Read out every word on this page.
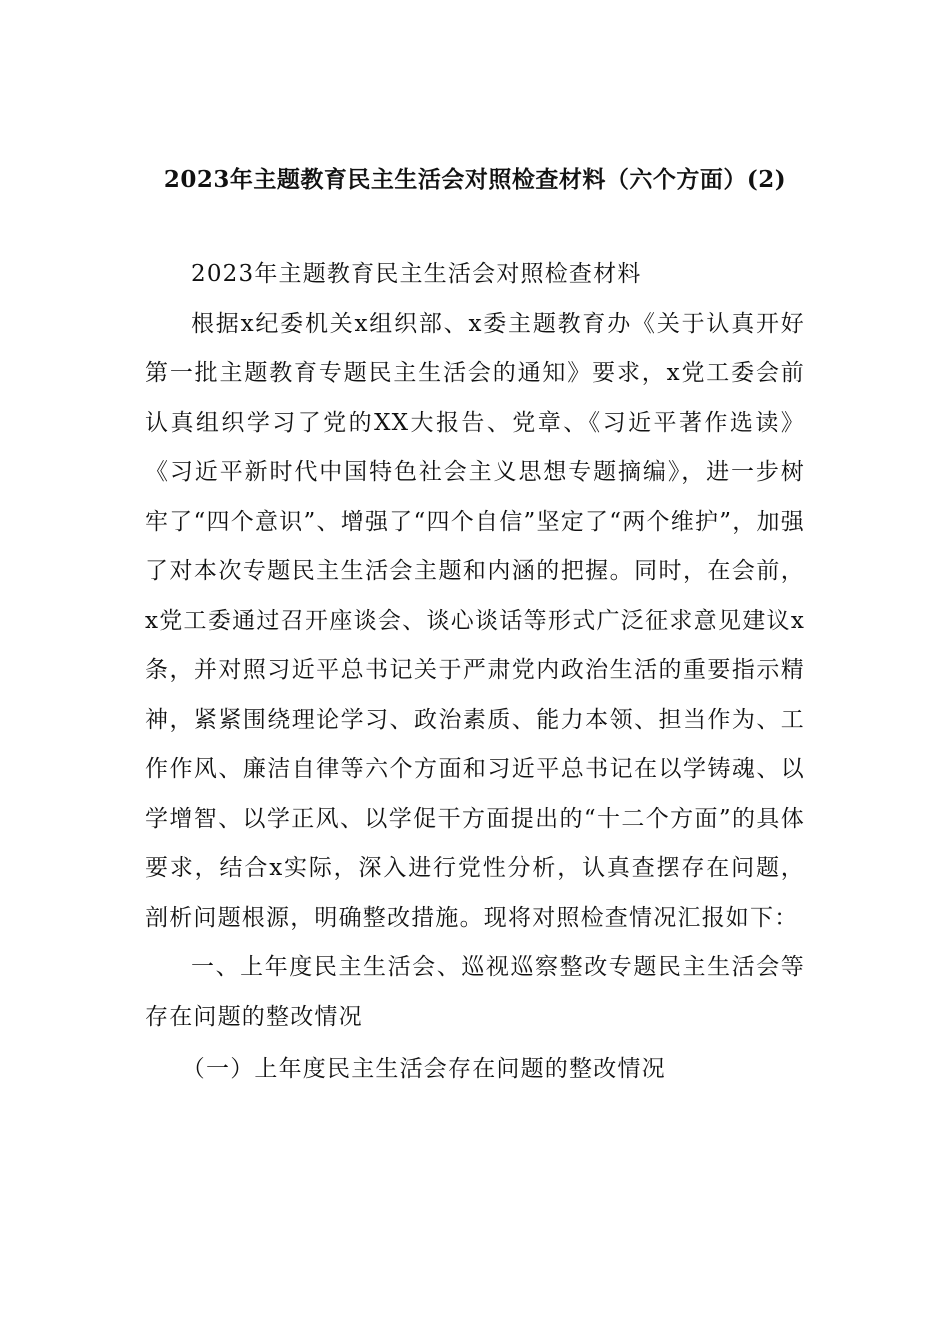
2023年主题教育民主生活会对照检查材料（六个方面）(2)

2023年主题教育民主生活会对照检查材料

根据x纪委机关x组织部、x委主题教育办《关于认真开好第一批主题教育专题民主生活会的通知》要求，x党工委会前认真组织学习了党的XX大报告、党章、《习近平著作选读》《习近平新时代中国特色社会主义思想专题摘编》，进一步树牢了“四个意识”、增强了“四个自信”坚定了“两个维护”，加强了对本次专题民主生活会主题和内涵的把握。同时，在会前，x党工委通过召开座谈会、谈心谈话等形式广泛征求意见建议x条，并对照习近平总书记关于严肃党内政治生活的重要指示精神，紧紧围绕理论学习、政治素质、能力本领、担当作为、工作作风、廉洁自律等六个方面和习近平总书记在以学铸魂、以学增智、以学正风、以学促干方面提出的“十二个方面”的具体要求，结合x实际，深入进行党性分析，认真查摆存在问题，剖析问题根源，明确整改措施。现将对照检查情况汇报如下：

一、上年度民主生活会、巡视巡察整改专题民主生活会等存在问题的整改情况

（一）上年度民主生活会存在问题的整改情况
